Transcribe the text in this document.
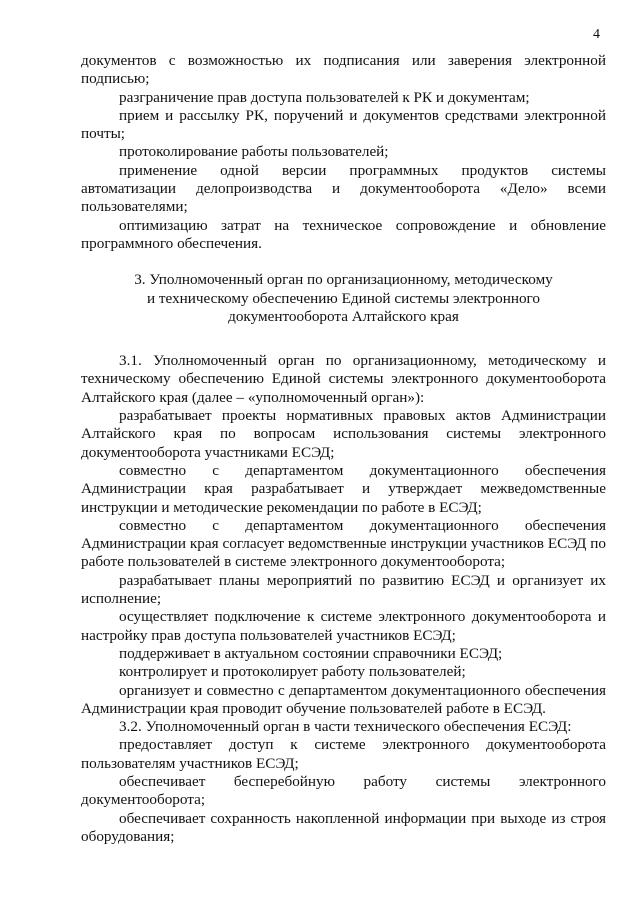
4

документов с возможностью их подписания или заверения электронной подписью;

разграничение прав доступа пользователей к РК и документам;

прием и рассылку РК, поручений и документов средствами электронной почты;

протоколирование работы пользователей;

применение одной версии программных продуктов системы автоматизации делопроизводства и документооборота «Дело» всеми пользователями;

оптимизацию затрат на техническое сопровождение и обновление программного обеспечения.

3. Уполномоченный орган по организационному, методическому
и техническому обеспечению Единой системы электронного
документооборота Алтайского края

3.1. Уполномоченный орган по организационному, методическому и техническому обеспечению Единой системы электронного документооборота Алтайского края (далее – «уполномоченный орган»):

разрабатывает проекты нормативных правовых актов Администрации Алтайского края по вопросам использования системы электронного документооборота участниками ЕСЭД;

совместно с департаментом документационного обеспечения Администрации края разрабатывает и утверждает межведомственные инструкции и методические рекомендации по работе в ЕСЭД;

совместно с департаментом документационного обеспечения Администрации края согласует ведомственные инструкции участников ЕСЭД по работе пользователей в системе электронного документооборота;

разрабатывает планы мероприятий по развитию ЕСЭД и организует их исполнение;

осуществляет подключение к системе электронного документооборота и настройку прав доступа пользователей участников ЕСЭД;

поддерживает в актуальном состоянии справочники ЕСЭД;

контролирует и протоколирует работу пользователей;

организует и совместно с департаментом документационного обеспечения Администрации края проводит обучение пользователей работе в ЕСЭД.

3.2. Уполномоченный орган в части технического обеспечения ЕСЭД:

предоставляет доступ к системе электронного документооборота пользователям участников ЕСЭД;

обеспечивает бесперебойную работу системы электронного документооборота;

обеспечивает сохранность накопленной информации при выходе из строя оборудования;
